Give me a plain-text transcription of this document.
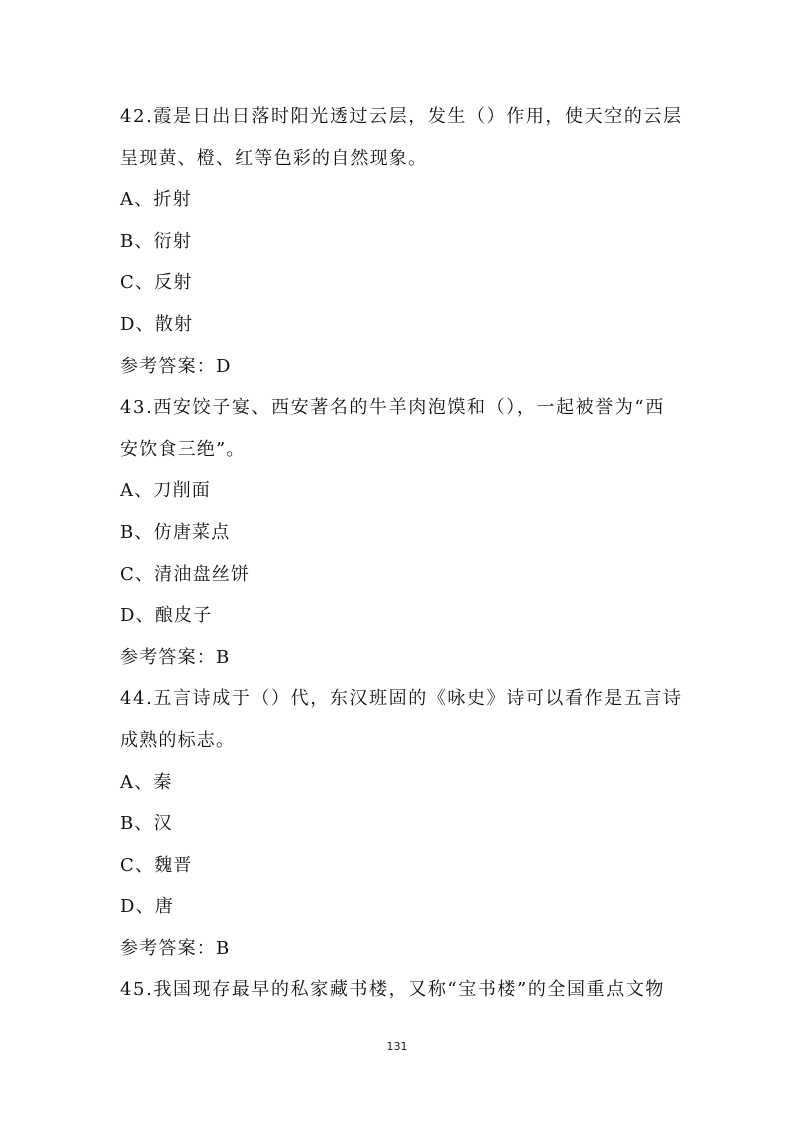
42.霞是日出日落时阳光透过云层，发生（）作用，使天空的云层
呈现黄、橙、红等色彩的自然现象。
A、折射
B、衍射
C、反射
D、散射
参考答案：D
43.西安饺子宴、西安著名的牛羊肉泡馍和（），一起被誉为“西
安饮食三绝”。
A、刀削面
B、仿唐菜点
C、清油盘丝饼
D、酿皮子
参考答案：B
44.五言诗成于（）代，东汉班固的《咏史》诗可以看作是五言诗
成熟的标志。
A、秦
B、汉
C、魏晋
D、唐
参考答案：B
45.我国现存最早的私家藏书楼，又称“宝书楼”的全国重点文物
131
